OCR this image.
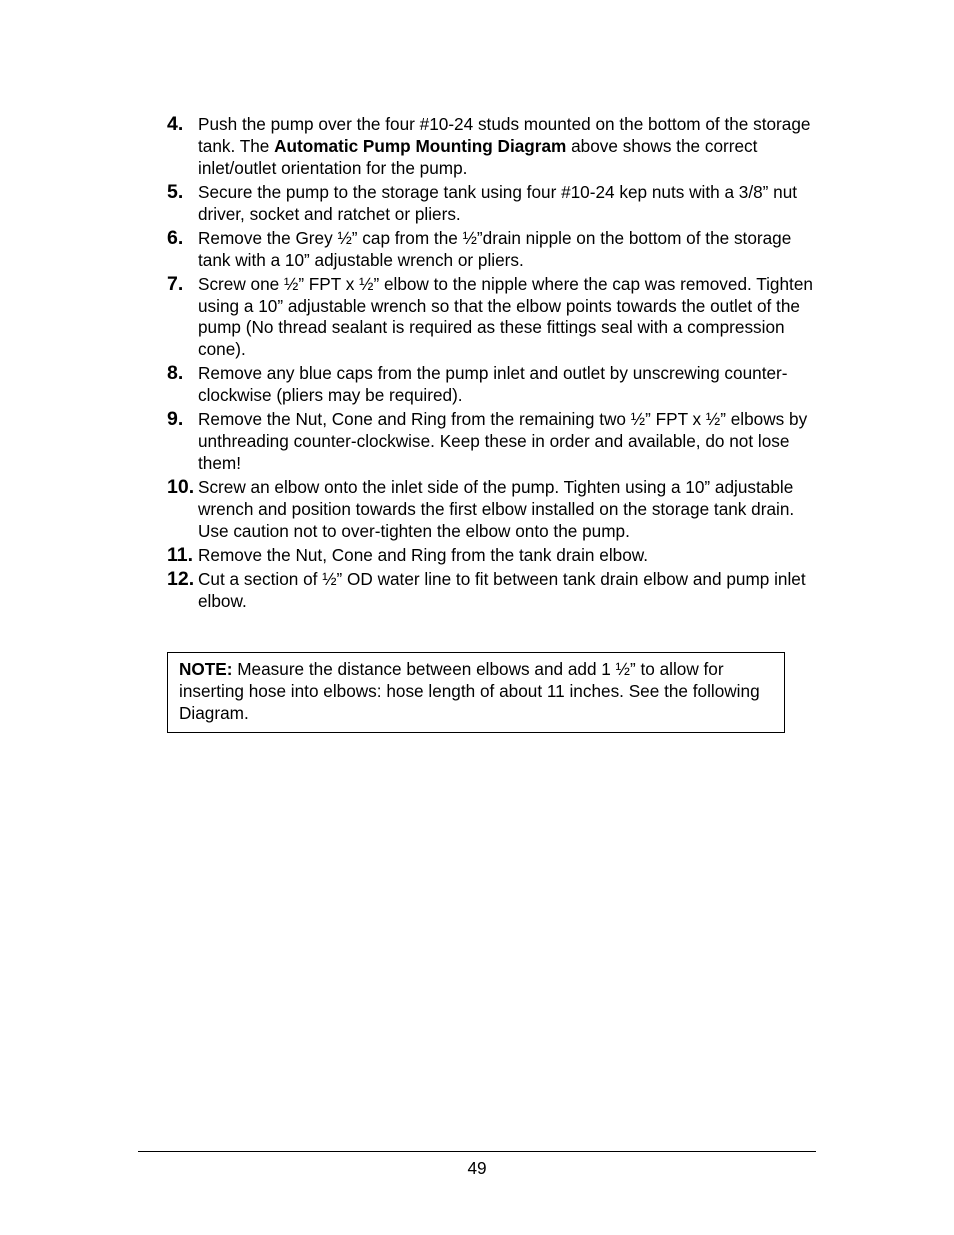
4. Push the pump over the four #10-24 studs mounted on the bottom of the storage tank. The Automatic Pump Mounting Diagram above shows the correct inlet/outlet orientation for the pump.
5. Secure the pump to the storage tank using four #10-24 kep nuts with a 3/8” nut driver, socket and ratchet or pliers.
6. Remove the Grey ½” cap from the ½”drain nipple on the bottom of the storage tank with a 10” adjustable wrench or pliers.
7. Screw one ½” FPT x ½” elbow to the nipple where the cap was removed. Tighten using a 10” adjustable wrench so that the elbow points towards the outlet of the pump (No thread sealant is required as these fittings seal with a compression cone).
8. Remove any blue caps from the pump inlet and outlet by unscrewing counter-clockwise (pliers may be required).
9. Remove the Nut, Cone and Ring from the remaining two ½” FPT x ½” elbows by unthreading counter-clockwise. Keep these in order and available, do not lose them!
10. Screw an elbow onto the inlet side of the pump. Tighten using a 10” adjustable wrench and position towards the first elbow installed on the storage tank drain. Use caution not to over-tighten the elbow onto the pump.
11. Remove the Nut, Cone and Ring from the tank drain elbow.
12. Cut a section of ½” OD water line to fit between tank drain elbow and pump inlet elbow.
NOTE: Measure the distance between elbows and add 1 ½” to allow for inserting hose into elbows: hose length of about 11 inches. See the following Diagram.
49
